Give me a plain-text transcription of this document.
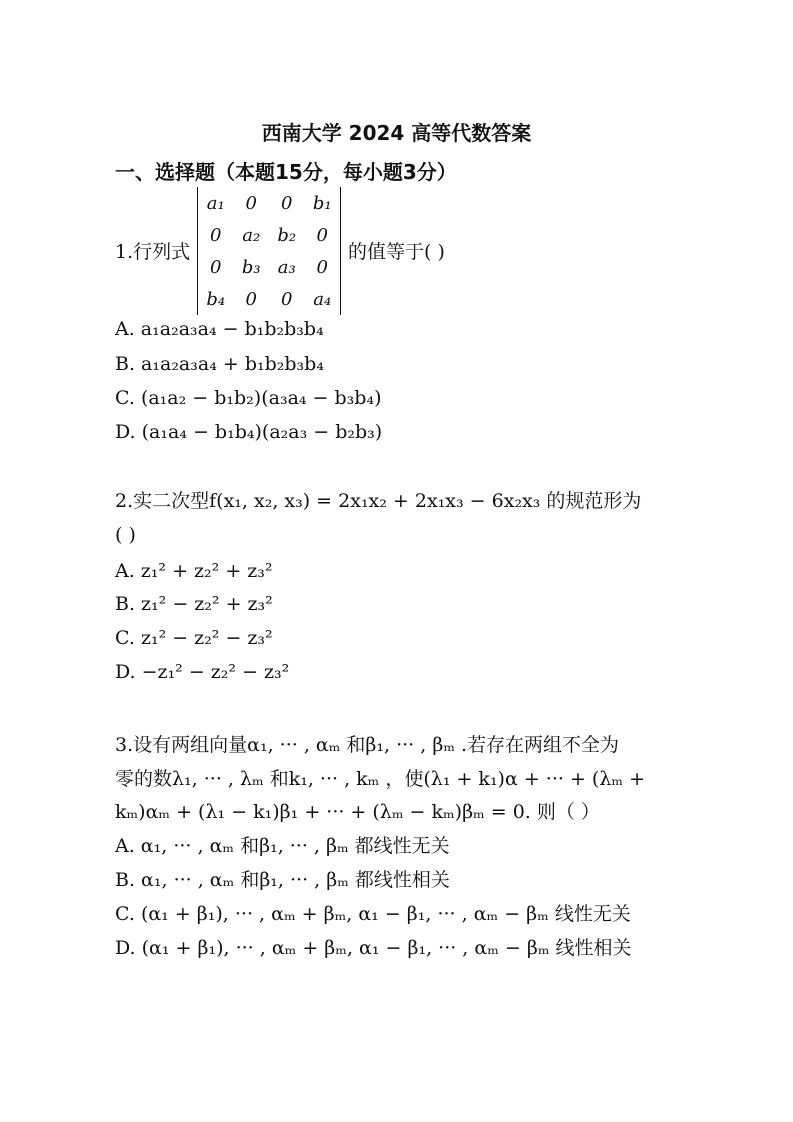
西南大学 2024 高等代数答案
一、选择题（本题15分，每小题3分）
1.行列式
a₁	0	0	b₁
0	a₂	b₂	0
0	b₃	a₃	0
b₄	0	0	a₄
的值等于( )
A. a₁a₂a₃a₄ − b₁b₂b₃b₄
B. a₁a₂a₃a₄ + b₁b₂b₃b₄
C. (a₁a₂ − b₁b₂)(a₃a₄ − b₃b₄)
D. (a₁a₄ − b₁b₄)(a₂a₃ − b₂b₃)
2.实二次型f(x₁, x₂, x₃) = 2x₁x₂ + 2x₁x₃ − 6x₂x₃ 的规范形为
( )
A. z₁² + z₂² + z₃²
B. z₁² − z₂² + z₃²
C. z₁² − z₂² − z₃²
D. −z₁² − z₂² − z₃²
3.设有两组向量α₁, ··· , αₘ 和β₁, ··· , βₘ .若存在两组不全为
零的数λ₁, ··· , λₘ 和k₁, ··· , kₘ ，使(λ₁ + k₁)α + ··· + (λₘ +
kₘ)αₘ + (λ₁ − k₁)β₁ + ··· + (λₘ − kₘ)βₘ = 0. 则（ ）
A. α₁, ··· , αₘ 和β₁, ··· , βₘ 都线性无关
B. α₁, ··· , αₘ 和β₁, ··· , βₘ 都线性相关
C. (α₁ + β₁), ··· , αₘ + βₘ, α₁ − β₁, ··· , αₘ − βₘ 线性无关
D. (α₁ + β₁), ··· , αₘ + βₘ, α₁ − β₁, ··· , αₘ − βₘ 线性相关
